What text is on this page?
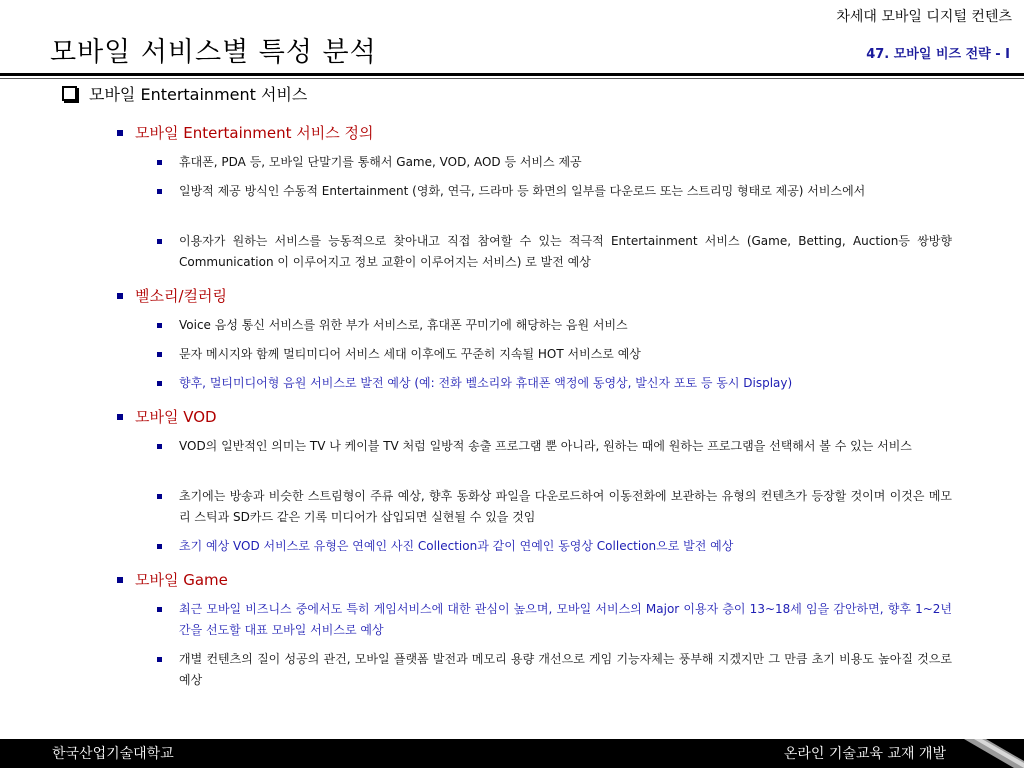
차세대 모바일 디지털 컨텐츠
모바일 서비스별 특성 분석	47. 모바일 비즈 전략 - I
모바일 Entertainment 서비스
모바일 Entertainment 서비스 정의
휴대폰, PDA 등, 모바일 단말기를 통해서 Game, VOD, AOD 등 서비스 제공
일방적 제공 방식인 수동적 Entertainment (영화, 연극, 드라마 등 화면의 일부를 다운로드 또는 스트리밍 형태로 제공) 서비스에서
이용자가 원하는 서비스를 능동적으로 찾아내고 직접 참여할 수 있는 적극적 Entertainment 서비스 (Game, Betting, Auction등 쌍방향 Communication 이 이루어지고 정보 교환이 이루어지는 서비스) 로 발전 예상
벨소리/컬러링
Voice 음성 통신 서비스를 위한 부가 서비스로, 휴대폰 꾸미기에 해당하는 음원 서비스
문자 메시지와 함께 멀티미디어 서비스 세대 이후에도 꾸준히 지속될 HOT 서비스로 예상
향후, 멀티미디어형 음원 서비스로 발전 예상 (예: 전화 벨소리와 휴대폰 액정에 동영상, 발신자 포토 등 동시 Display)
모바일 VOD
VOD의 일반적인 의미는 TV 나 케이블 TV 처럼 일방적 송출 프로그램 뿐 아니라, 원하는 때에 원하는 프로그램을 선택해서 볼 수 있는 서비스
초기에는 방송과 비슷한 스트림형이 주류 예상, 향후 동화상 파일을 다운로드하여 이동전화에 보관하는 유형의 컨텐츠가 등장할 것이며 이것은 메모리 스틱과 SD카드 같은 기록 미디어가 삽입되면 실현될 수 있을 것임
초기 예상 VOD 서비스로 유형은 연예인 사진 Collection과 같이 연예인 동영상 Collection으로 발전 예상
모바일 Game
최근 모바일 비즈니스 중에서도 특히 게임서비스에 대한 관심이 높으며, 모바일 서비스의 Major 이용자 층이 13~18세 임을 감안하면, 향후 1~2년 간을 선도할 대표 모바일 서비스로 예상
개별 컨텐츠의 질이 성공의 관건, 모바일 플랫폼 발전과 메모리 용량 개선으로 게임 기능자체는 풍부해 지겠지만 그 만큼 초기 비용도 높아질 것으로 예상
한국산업기술대학교	온라인 기술교육 교재 개발
